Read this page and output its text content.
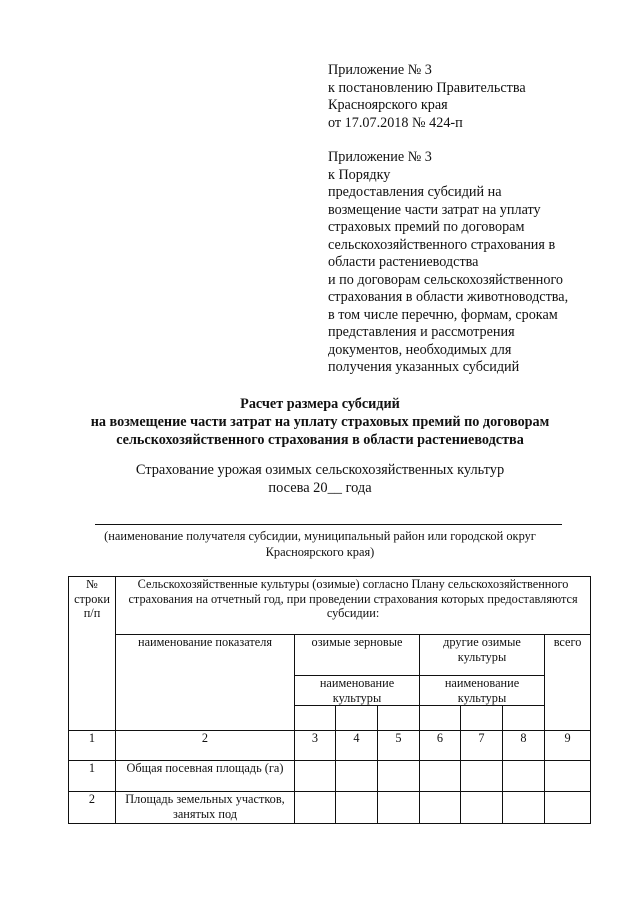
Приложение № 3
к постановлению Правительства
Красноярского края
от 17.07.2018 № 424-п
Приложение № 3
к Порядку
предоставления субсидий на
возмещение части затрат на уплату
страховых премий по договорам
сельскохозяйственного страхования в
области растениеводства
и по договорам сельскохозяйственного
страхования в области животноводства,
в том числе перечню, формам, срокам
представления и рассмотрения
документов, необходимых для
получения указанных субсидий
Расчет размера субсидий
на возмещение части затрат на уплату страховых премий по договорам
сельскохозяйственного страхования в области растениеводства
Страхование урожая озимых сельскохозяйственных культур
посева 20__ года
(наименование получателя субсидии, муниципальный район или городской округ
Красноярского края)
№ строки п/п	Сельскохозяйственные культуры (озимые) согласно Плану сельскохозяйственного страхования на отчетный год, при проведении страхования которых предоставляются субсидии:							
	наименование показателя	озимые зерновые			другие озимые культуры			всего
		наименование культуры			наименование культуры			

1	2	3	4	5	6	7	8	9
1	Общая посевная площадь (га)							
2	Площадь земельных участков, занятых под							
